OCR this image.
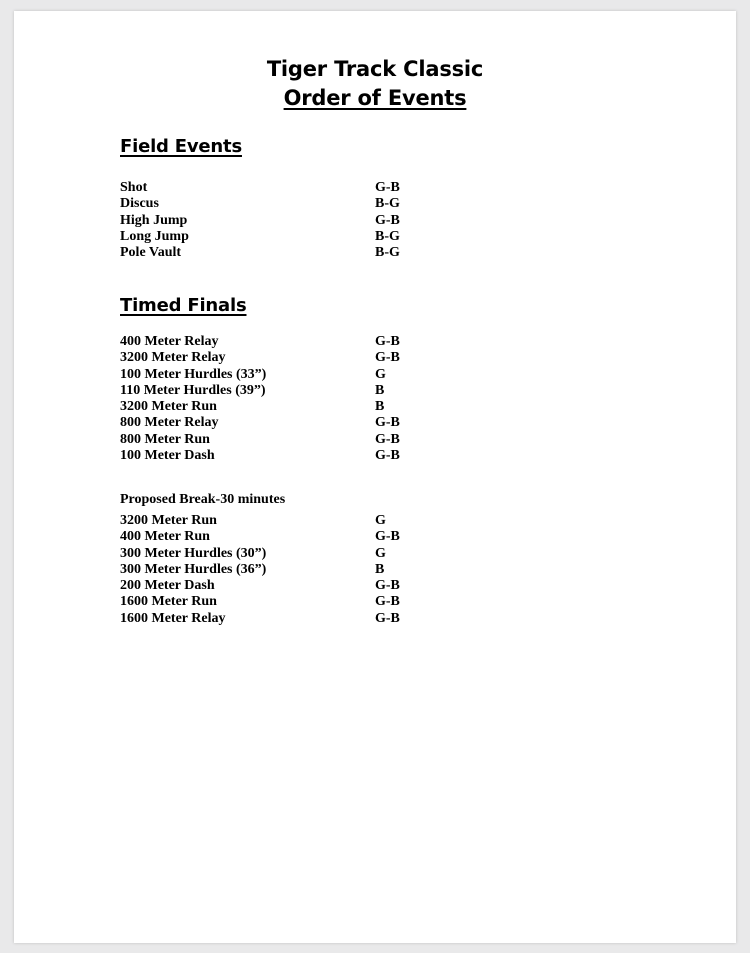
Tiger Track Classic
Order of Events
Field Events
Shot	G-B
Discus	B-G
High Jump	G-B
Long Jump	B-G
Pole Vault	B-G
Timed Finals
400 Meter Relay	G-B
3200 Meter Relay	G-B
100 Meter Hurdles (33”)	G
110 Meter Hurdles (39”)	B
3200 Meter Run	B
800 Meter Relay	G-B
800 Meter Run	G-B
100 Meter Dash	G-B

Proposed Break-30 minutes

3200 Meter Run	G
400 Meter Run	G-B
300 Meter Hurdles (30”)	G
300 Meter Hurdles (36”)	B
200 Meter Dash	G-B
1600 Meter Run	G-B
1600 Meter Relay	G-B
